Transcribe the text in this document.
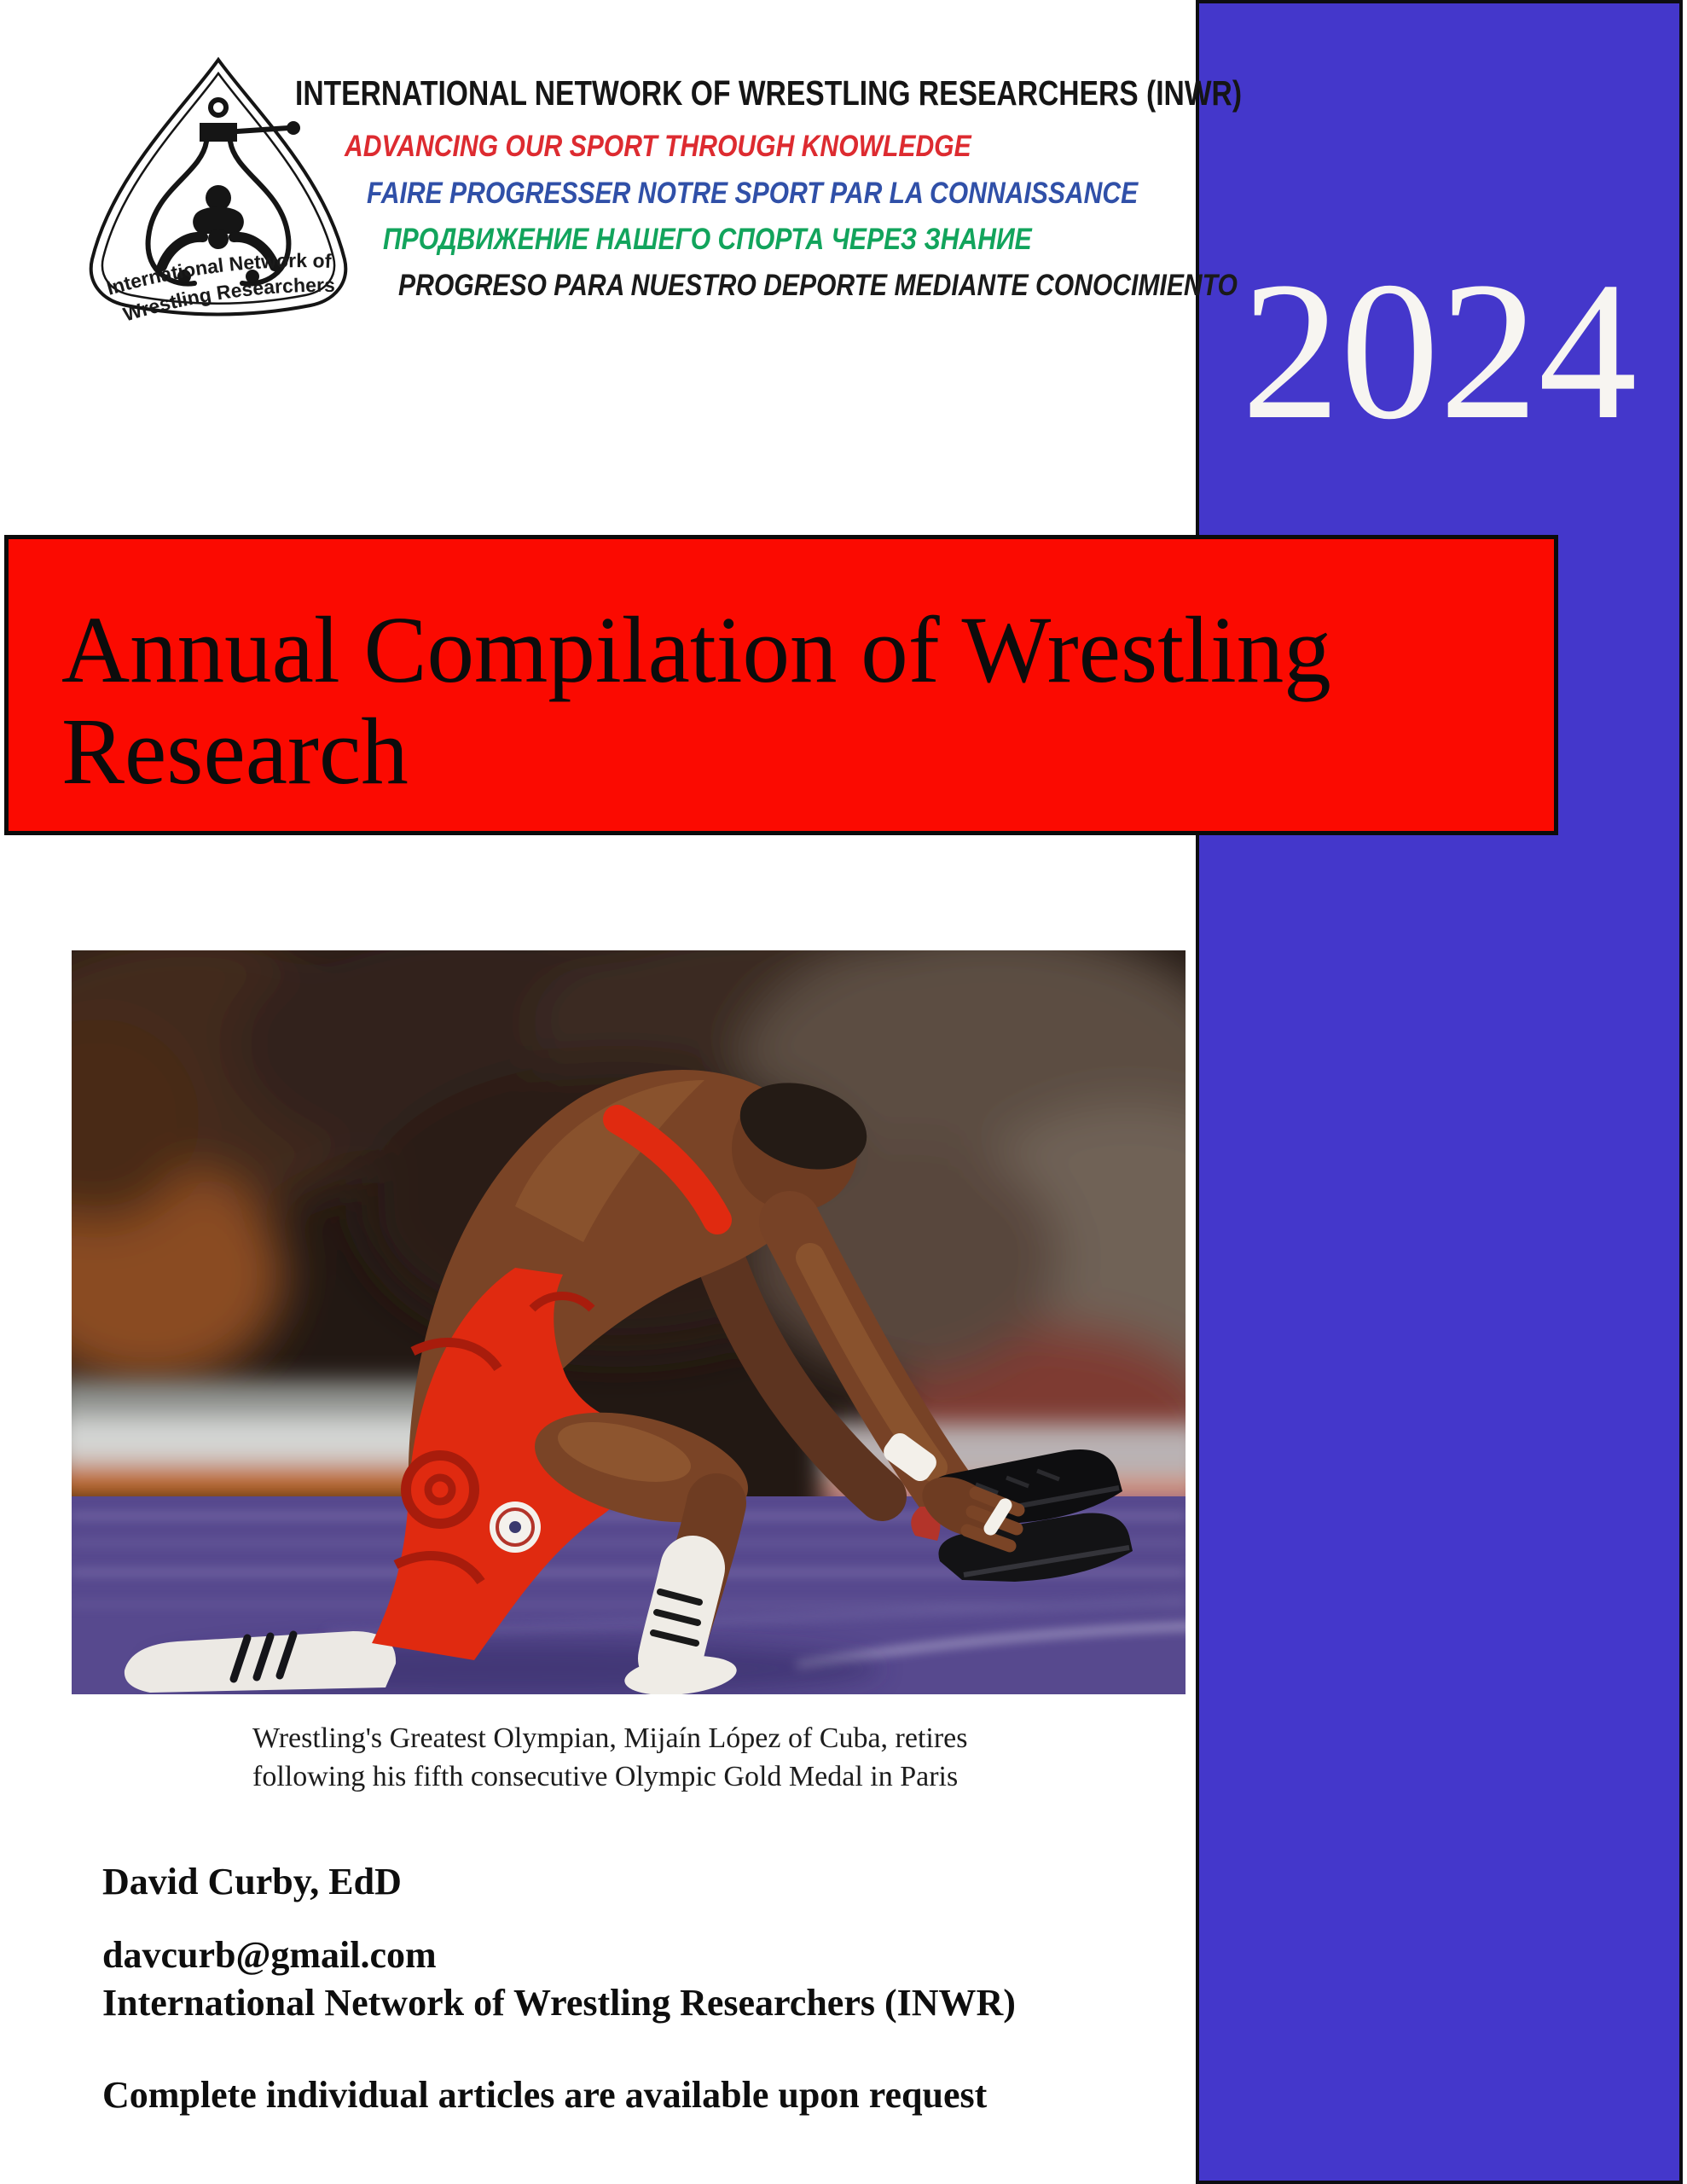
2024
International Network of
Wrestling Researchers
INTERNATIONAL NETWORK OF WRESTLING RESEARCHERS (INWR)
ADVANCING OUR SPORT THROUGH KNOWLEDGE
FAIRE PROGRESSER NOTRE SPORT PAR LA CONNAISSANCE
ПРОДВИЖЕНИЕ НАШЕГО СПОРТА ЧЕРЕЗ ЗНАНИЕ
PROGRESO PARA NUESTRO DEPORTE MEDIANTE CONOCIMIENTO
Annual Compilation of Wrestling Research
Wrestling's Greatest Olympian, Mijaín López of Cuba, retires
following his fifth consecutive Olympic Gold Medal in Paris
David Curby, EdD
davcurb@gmail.com
International Network of Wrestling Researchers (INWR)
Complete individual articles are available upon request
